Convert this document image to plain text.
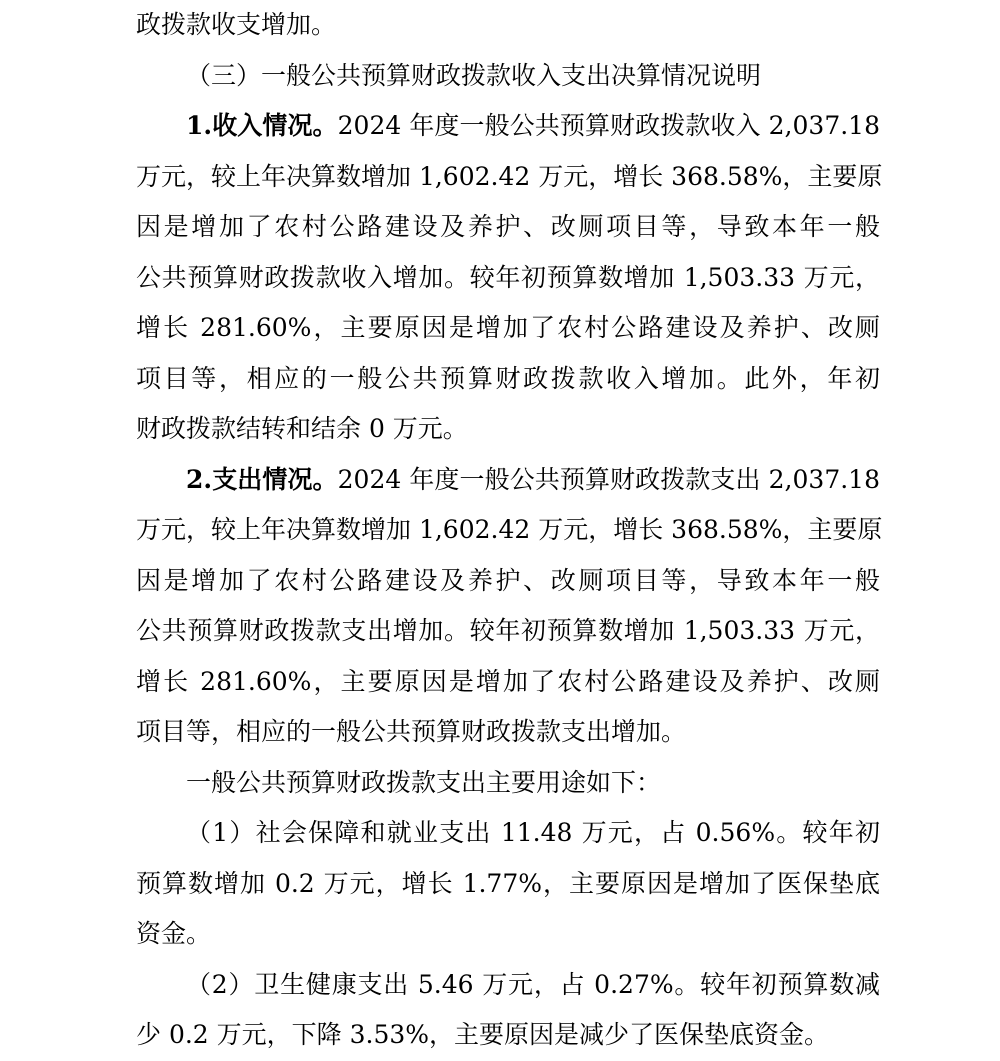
政拨款收支增加。
（三）一般公共预算财政拨款收入支出决算情况说明
1.收入情况。2024 年度一般公共预算财政拨款收入 2,037.18
万元，较上年决算数增加 1,602.42 万元，增长 368.58%，主要原
因是增加了农村公路建设及养护、改厕项目等，导致本年一般
公共预算财政拨款收入增加。较年初预算数增加 1,503.33 万元，
增长 281.60%，主要原因是增加了农村公路建设及养护、改厕
项目等，相应的一般公共预算财政拨款收入增加。此外，年初
财政拨款结转和结余 0 万元。
2.支出情况。2024 年度一般公共预算财政拨款支出 2,037.18
万元，较上年决算数增加 1,602.42 万元，增长 368.58%，主要原
因是增加了农村公路建设及养护、改厕项目等，导致本年一般
公共预算财政拨款支出增加。较年初预算数增加 1,503.33 万元，
增长 281.60%，主要原因是增加了农村公路建设及养护、改厕
项目等，相应的一般公共预算财政拨款支出增加。
一般公共预算财政拨款支出主要用途如下：
（1）社会保障和就业支出 11.48 万元，占 0.56%。较年初
预算数增加 0.2 万元，增长 1.77%，主要原因是增加了医保垫底
资金。
（2）卫生健康支出 5.46 万元，占 0.27%。较年初预算数减
少 0.2 万元，下降 3.53%，主要原因是减少了医保垫底资金。
